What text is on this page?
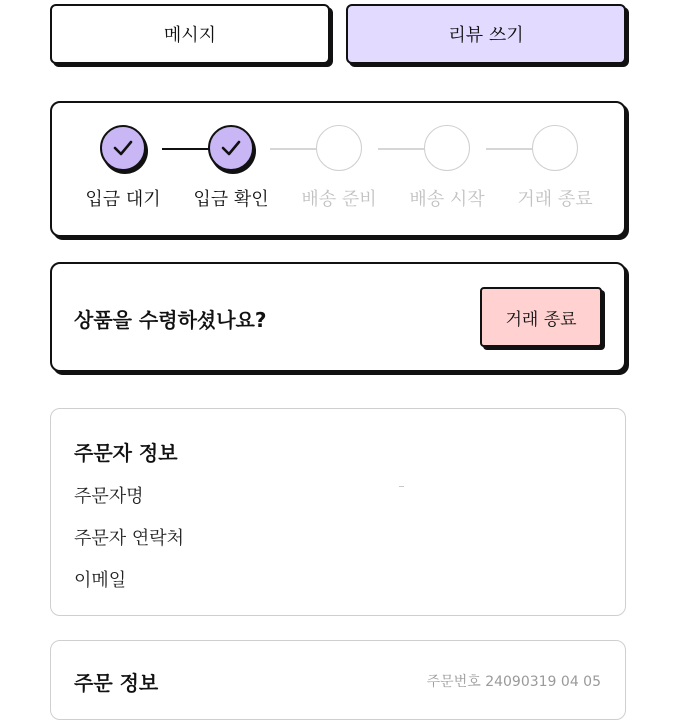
메시지	리뷰 쓰기
입금 대기 입금 확인 배송 준비 배송 시작 거래 종료
상품을 수령하셨나요?	거래 종료
주문자 정보
주문자명
주문자 연락처
이메일
주문 정보	주문번호 24090319 04 05
